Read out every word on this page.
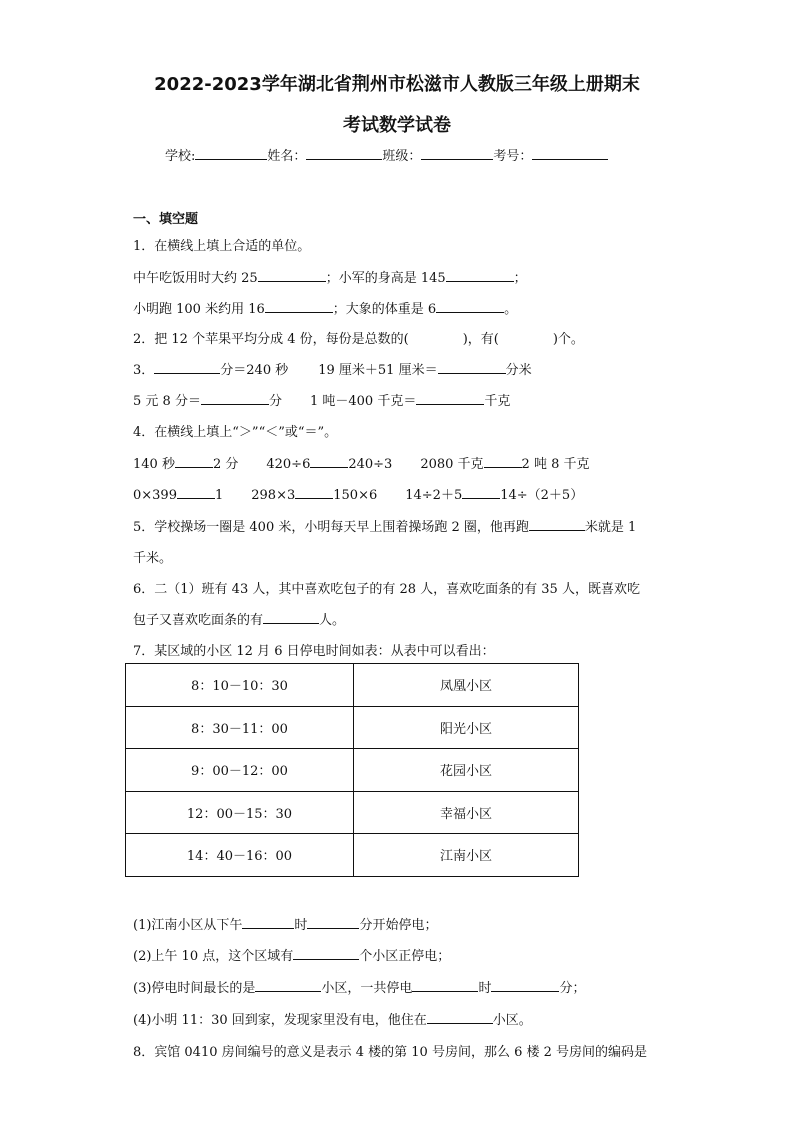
2022-2023学年湖北省荆州市松滋市人教版三年级上册期末
考试数学试卷
学校:	姓名：	班级：	考号：
一、填空题
1．在横线上填上合适的单位。
中午吃饭用时大约 25	；小军的身高是 145	；
小明跑 100 米约用 16	；大象的体重是 6	。
2．把 12 个苹果平均分成 4 份，每份是总数的(	)，有(	)个。
3．	分＝240 秒 19 厘米＋51 厘米＝	分米
5 元 8 分＝	分 1 吨－400 千克＝	千克
4．在横线上填上“＞”“＜”或“＝”。
140 秒	2 分 420÷6	240÷3 2080 千克	2 吨 8 千克
0×399	1 298×3	150×6 14÷2＋5	14÷（2＋5）
5．学校操场一圈是 400 米，小明每天早上围着操场跑 2 圈，他再跑	米就是 1
千米。
6．二（1）班有 43 人，其中喜欢吃包子的有 28 人，喜欢吃面条的有 35 人，既喜欢吃
包子又喜欢吃面条的有	人。
7．某区域的小区 12 月 6 日停电时间如表：从表中可以看出：
8：10－10：30	凤凰小区
8：30－11：00	阳光小区
9：00－12：00	花园小区
12：00－15：30	幸福小区
14：40－16：00	江南小区
(1)江南小区从下午	时	分开始停电；
(2)上午 10 点，这个区域有	个小区正停电；
(3)停电时间最长的是	小区，一共停电	时	分；
(4)小明 11：30 回到家，发现家里没有电，他住在	小区。
8．宾馆 0410 房间编号的意义是表示 4 楼的第 10 号房间，那么 6 楼 2 号房间的编码是
